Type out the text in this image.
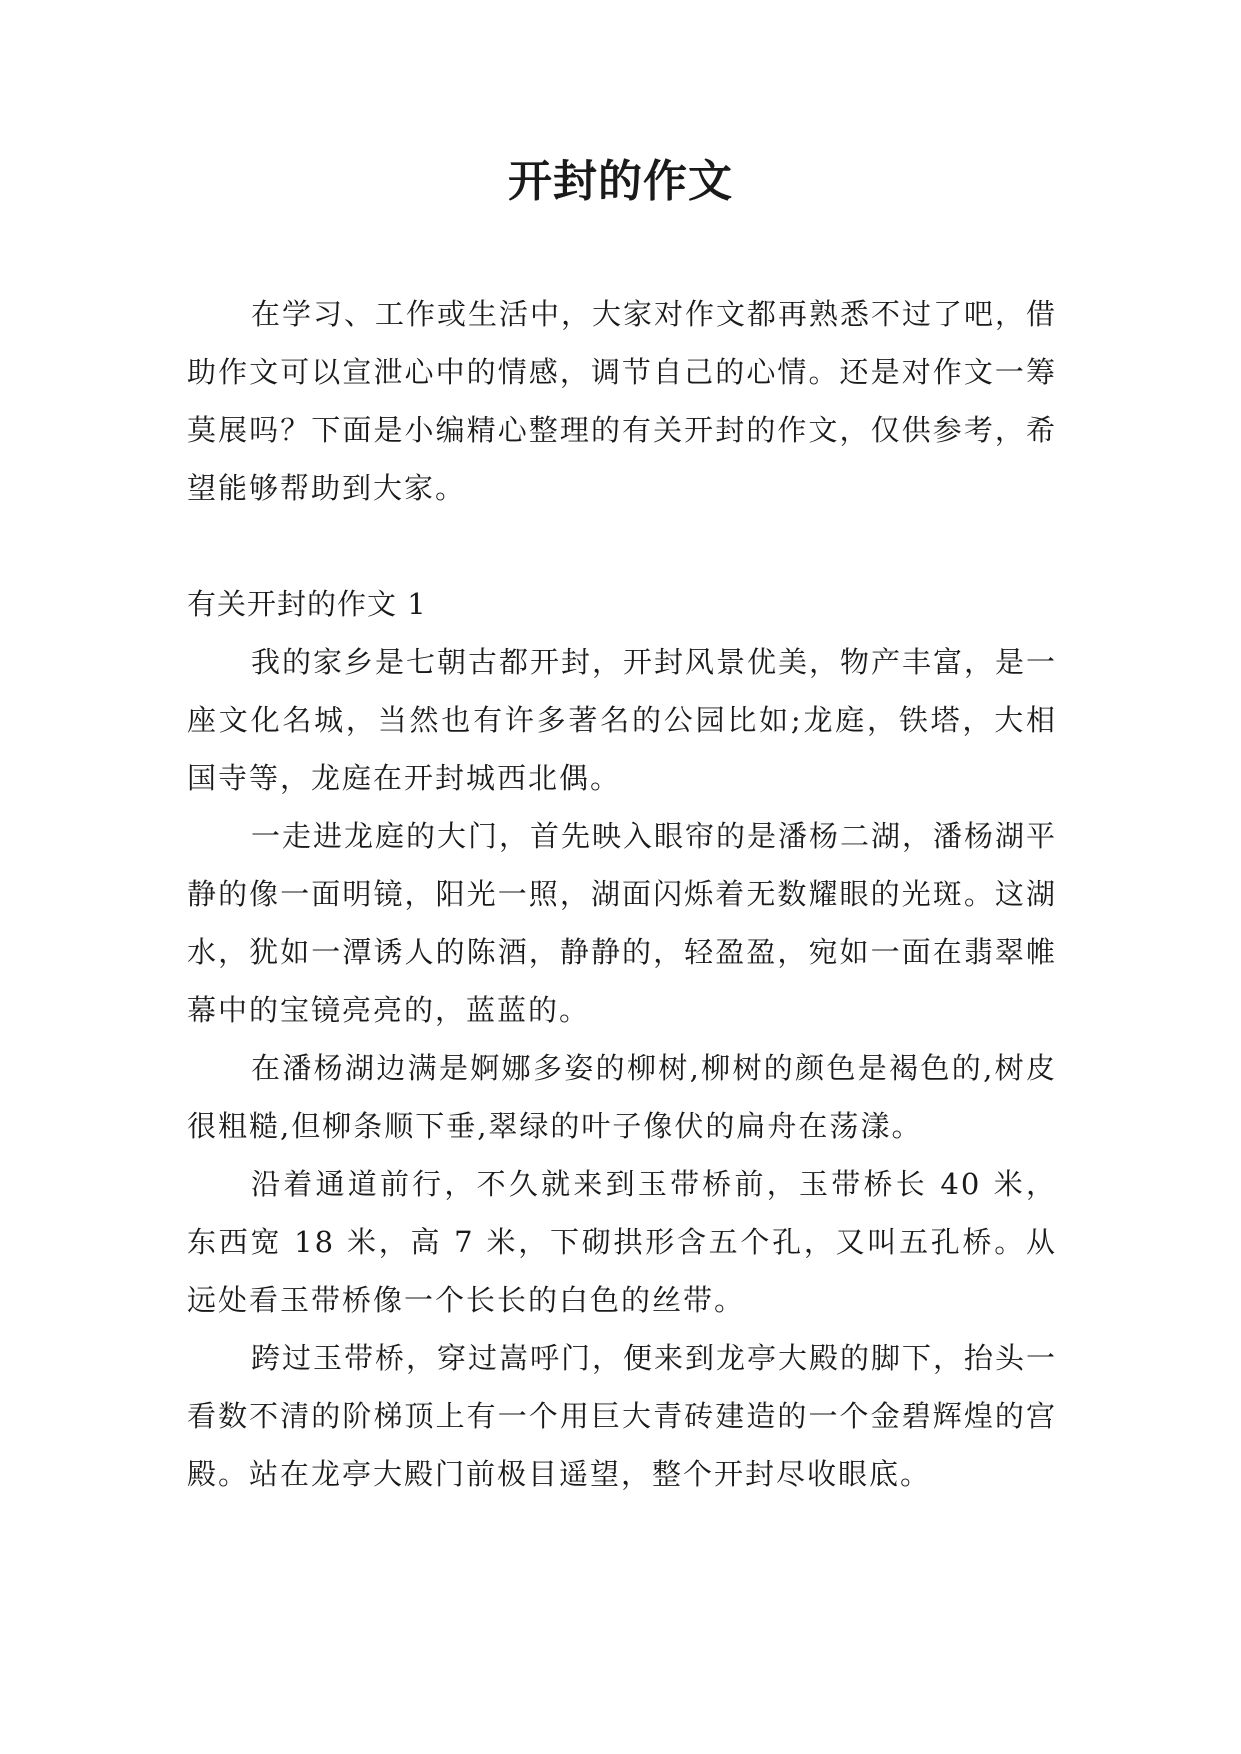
开封的作文

在学习、工作或生活中，大家对作文都再熟悉不过了吧，借助作文可以宣泄心中的情感，调节自己的心情。还是对作文一筹莫展吗？下面是小编精心整理的有关开封的作文，仅供参考，希望能够帮助到大家。

有关开封的作文 1

我的家乡是七朝古都开封，开封风景优美，物产丰富，是一座文化名城，当然也有许多著名的公园比如;龙庭，铁塔，大相国寺等，龙庭在开封城西北偶。

一走进龙庭的大门，首先映入眼帘的是潘杨二湖，潘杨湖平静的像一面明镜，阳光一照，湖面闪烁着无数耀眼的光斑。这湖水，犹如一潭诱人的陈酒，静静的，轻盈盈，宛如一面在翡翠帷幕中的宝镜亮亮的，蓝蓝的。

在潘杨湖边满是婀娜多姿的柳树,柳树的颜色是褐色的,树皮很粗糙,但柳条顺下垂,翠绿的叶子像伏的扁舟在荡漾。

沿着通道前行，不久就来到玉带桥前，玉带桥长 40 米，东西宽 18 米，高 7 米，下砌拱形含五个孔，又叫五孔桥。从远处看玉带桥像一个长长的白色的丝带。

跨过玉带桥，穿过嵩呼门，便来到龙亭大殿的脚下，抬头一看数不清的阶梯顶上有一个用巨大青砖建造的一个金碧辉煌的宫殿。站在龙亭大殿门前极目遥望，整个开封尽收眼底。
